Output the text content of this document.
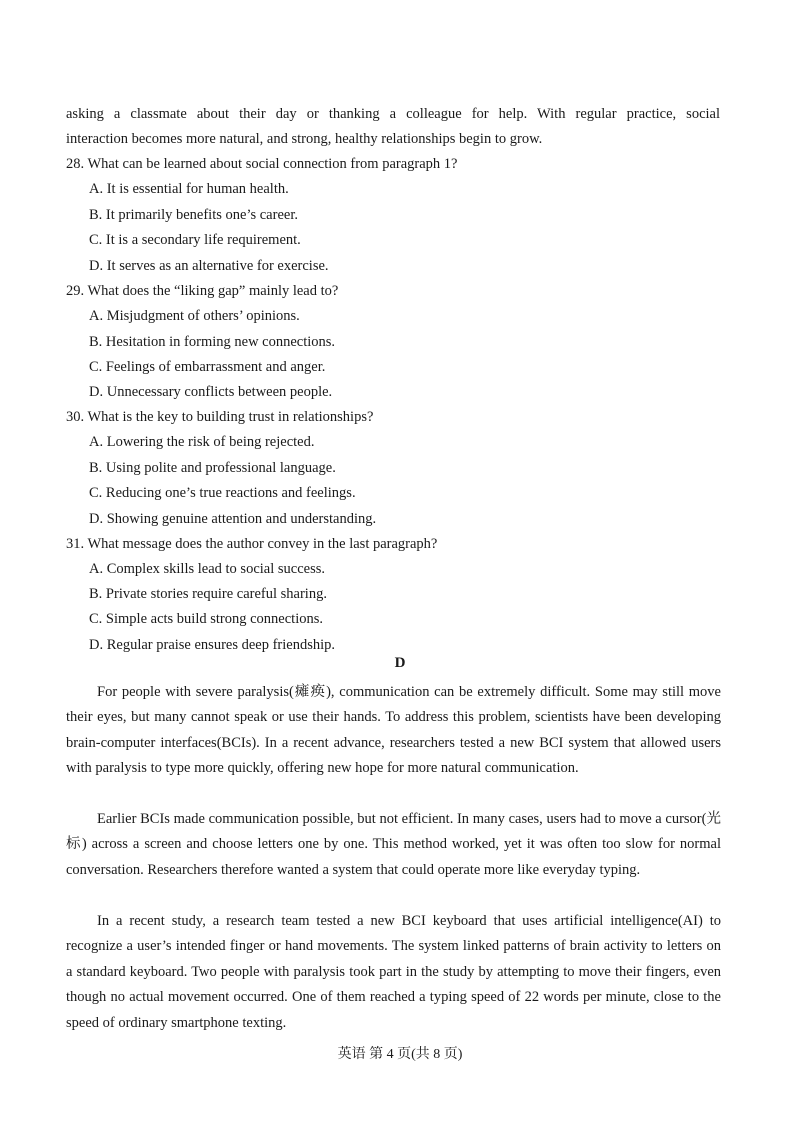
asking a classmate about their day or thanking a colleague for help. With regular practice, social
interaction becomes more natural, and strong, healthy relationships begin to grow.
28. What can be learned about social connection from paragraph 1?
A. It is essential for human health.
B. It primarily benefits one’s career.
C. It is a secondary life requirement.
D. It serves as an alternative for exercise.
29. What does the “liking gap” mainly lead to?
A. Misjudgment of others’ opinions.
B. Hesitation in forming new connections.
C. Feelings of embarrassment and anger.
D. Unnecessary conflicts between people.
30. What is the key to building trust in relationships?
A. Lowering the risk of being rejected.
B. Using polite and professional language.
C. Reducing one’s true reactions and feelings.
D. Showing genuine attention and understanding.
31. What message does the author convey in the last paragraph?
A. Complex skills lead to social success.
B. Private stories require careful sharing.
C. Simple acts build strong connections.
D. Regular praise ensures deep friendship.
D
For people with severe paralysis(瘫痪), communication can be extremely difficult. Some may still move their eyes, but many cannot speak or use their hands. To address this problem, scientists have been developing brain-computer interfaces(BCIs). In a recent advance, researchers tested a new BCI system that allowed users with paralysis to type more quickly, offering new hope for more natural communication.
Earlier BCIs made communication possible, but not efficient. In many cases, users had to move a cursor(光标) across a screen and choose letters one by one. This method worked, yet it was often too slow for normal conversation. Researchers therefore wanted a system that could operate more like everyday typing.
In a recent study, a research team tested a new BCI keyboard that uses artificial intelligence(AI) to recognize a user’s intended finger or hand movements. The system linked patterns of brain activity to letters on a standard keyboard. Two people with paralysis took part in the study by attempting to move their fingers, even though no actual movement occurred. One of them reached a typing speed of 22 words per minute, close to the speed of ordinary smartphone texting.
英语 第 4 页(共 8 页)
